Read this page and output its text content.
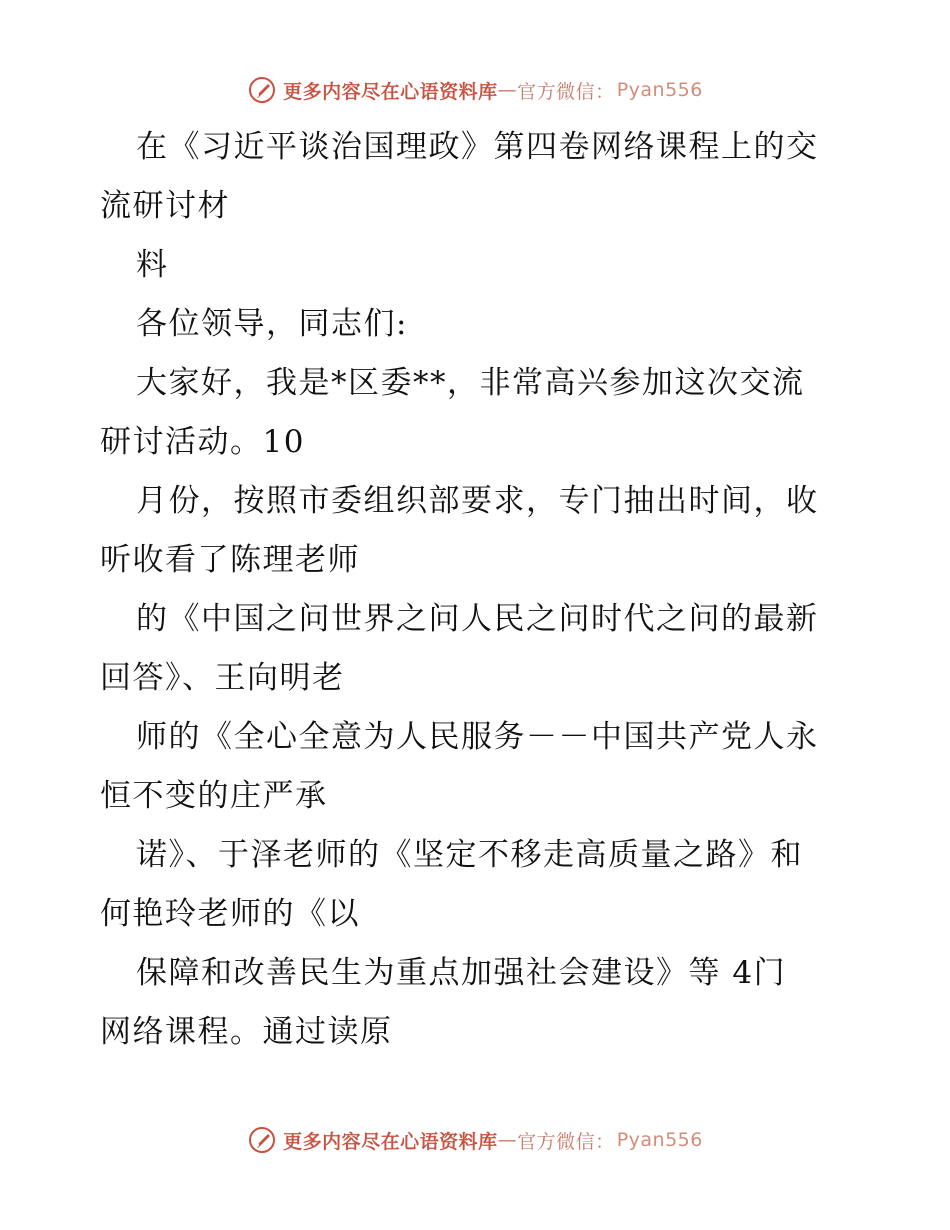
更多内容尽在心语资料库 — 官方微信： Pyan556

在《习近平谈治国理政》第四卷网络课程上的交

流研讨材

料

各位领导，同志们:

大家好，我是*区委**，非常高兴参加这次交流

研讨活动。10

月份，按照市委组织部要求，专门抽出时间，收

听收看了陈理老师

的《中国之问世界之问人民之问时代之问的最新

回答》、王向明老

师的《全心全意为人民服务－－中国共产党人永

恒不变的庄严承

诺》、于泽老师的《坚定不移走高质量之路》和

何艳玲老师的《以

保障和改善民生为重点加强社会建设》等 4门

网络课程。通过读原

更多内容尽在心语资料库 — 官方微信： Pyan556
